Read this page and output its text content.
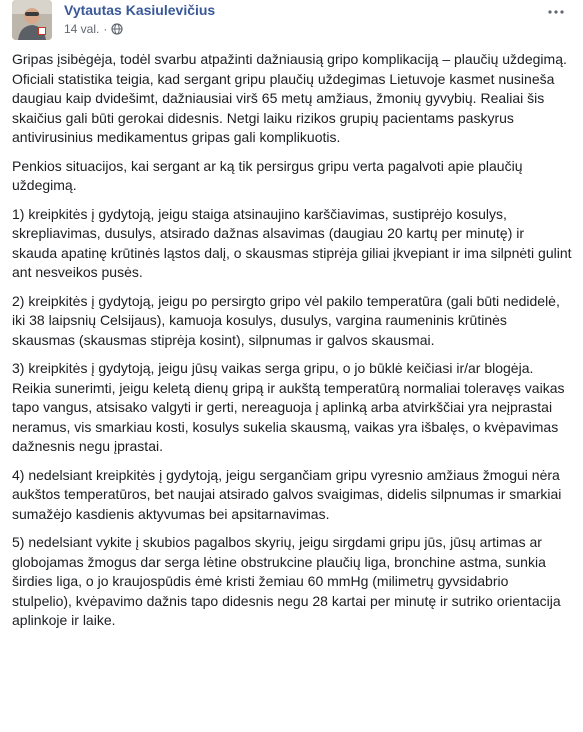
Vytautas Kasiulevičius
14 val. ·

Gripas įsibėgėja, todėl svarbu atpažinti dažniausią gripo komplikaciją – plaučių uždegimą. Oficiali statistika teigia, kad sergant gripu plaučių uždegimas Lietuvoje kasmet nusineša daugiau kaip dvidešimt, dažniausiai virš 65 metų amžiaus, žmonių gyvybių. Realiai šis skaičius gali būti gerokai didesnis. Netgi laiku rizikos grupių pacientams paskyrus antivirusinius medikamentus gripas gali komplikuotis.

Penkios situacijos, kai sergant ar ką tik persirgus gripu verta pagalvoti apie plaučių uždegimą.

1) kreipkitės į gydytoją, jeigu staiga atsinaujino karščiavimas, sustiprėjo kosulys, skrepliavimas, dusulys, atsirado dažnas alsavimas (daugiau 20 kartų per minutę) ir skauda apatinę krūtinės ląstos dalį, o skausmas stiprėja giliai įkvepiant ir ima silpnėti gulint ant nesveikos pusės.

2) kreipkitės į gydytoją, jeigu po persirgto gripo vėl pakilo temperatūra (gali būti nedidelė, iki 38 laipsnių Celsijaus), kamuoja kosulys, dusulys, vargina raumeninis krūtinės skausmas (skausmas stiprėja kosint), silpnumas ir galvos skausmai.

3) kreipkitės į gydytoją, jeigu jūsų vaikas serga gripu, o jo būklė keičiasi ir/ar blogėja. Reikia sunerimti, jeigu keletą dienų gripą ir aukštą temperatūrą normaliai toleravęs vaikas tapo vangus, atsisako valgyti ir gerti, nereaguoja į aplinką arba atvirkščiai yra neįprastai neramus, vis smarkiau kosti, kosulys sukelia skausmą, vaikas yra išbalęs, o kvėpavimas dažnesnis negu įprastai.

4) nedelsiant kreipkitės į gydytoją, jeigu sergančiam gripu vyresnio amžiaus žmogui nėra aukštos temperatūros, bet naujai atsirado galvos svaigimas, didelis silpnumas ir smarkiai sumažėjo kasdienis aktyvumas bei apsitarnavimas.

5) nedelsiant vykite į skubios pagalbos skyrių, jeigu sirgdami gripu jūs, jūsų artimas ar globojamas žmogus dar serga lėtine obstrukcine plaučių liga, bronchine astma, sunkia širdies liga, o jo kraujospūdis ėmė kristi žemiau 60 mmHg (milimetrų gyvsidabrio stulpelio), kvėpavimo dažnis tapo didesnis negu 28 kartai per minutę ir sutriko orientacija aplinkoje ir laike.
